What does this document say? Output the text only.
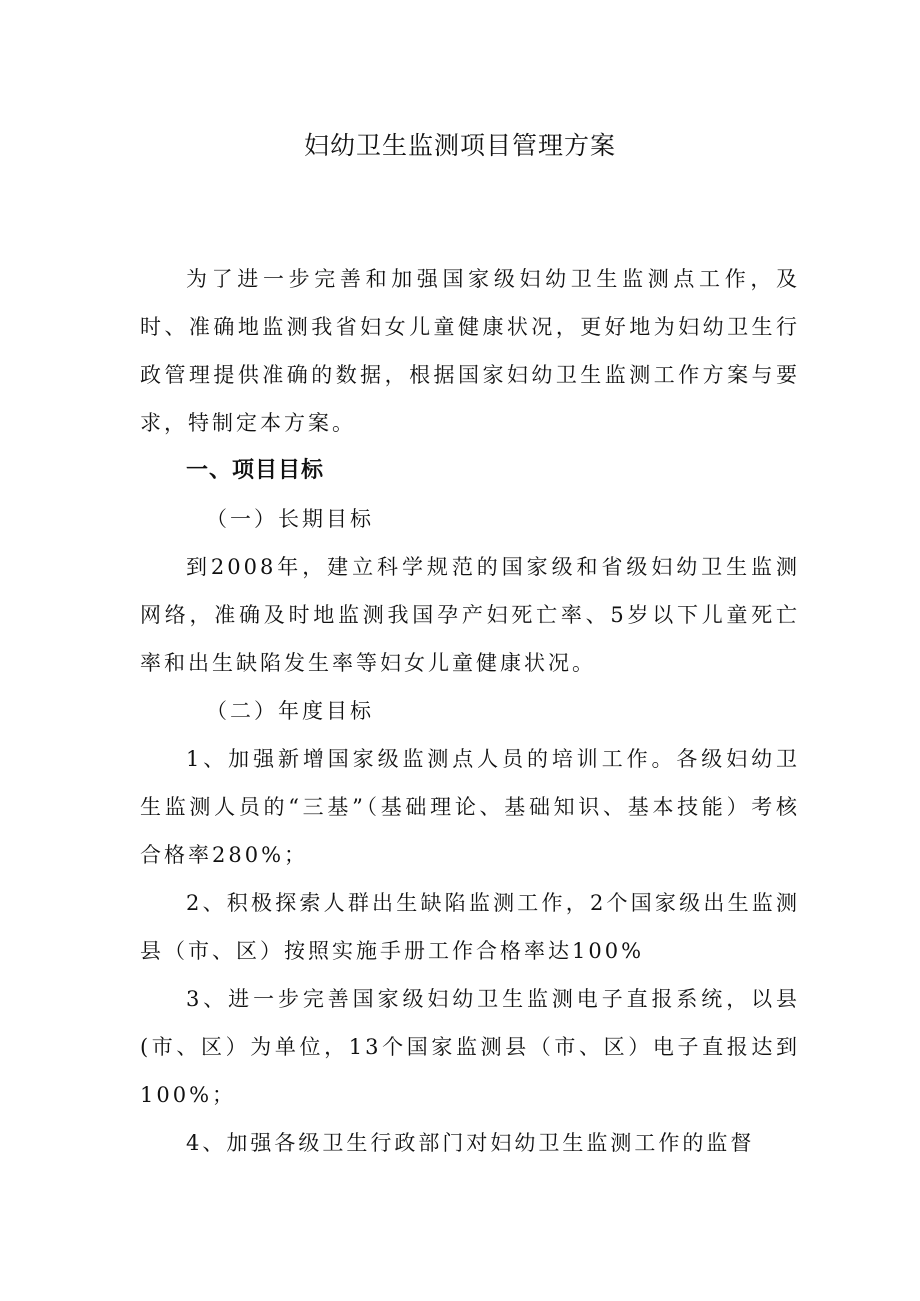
妇幼卫生监测项目管理方案

为了进一步完善和加强国家级妇幼卫生监测点工作，及时、准确地监测我省妇女儿童健康状况，更好地为妇幼卫生行政管理提供准确的数据，根据国家妇幼卫生监测工作方案与要求，特制定本方案。

一、项目目标

（一）长期目标

到2008年，建立科学规范的国家级和省级妇幼卫生监测网络，准确及时地监测我国孕产妇死亡率、5岁以下儿童死亡率和出生缺陷发生率等妇女儿童健康状况。

（二）年度目标

1、加强新增国家级监测点人员的培训工作。各级妇幼卫生监测人员的“三基”（基础理论、基础知识、基本技能）考核合格率280%；

2、积极探索人群出生缺陷监测工作，2个国家级出生监测县（市、区）按照实施手册工作合格率达100%

3、进一步完善国家级妇幼卫生监测电子直报系统，以县(市、区）为单位，13个国家监测县（市、区）电子直报达到100%；

4、加强各级卫生行政部门对妇幼卫生监测工作的监督
